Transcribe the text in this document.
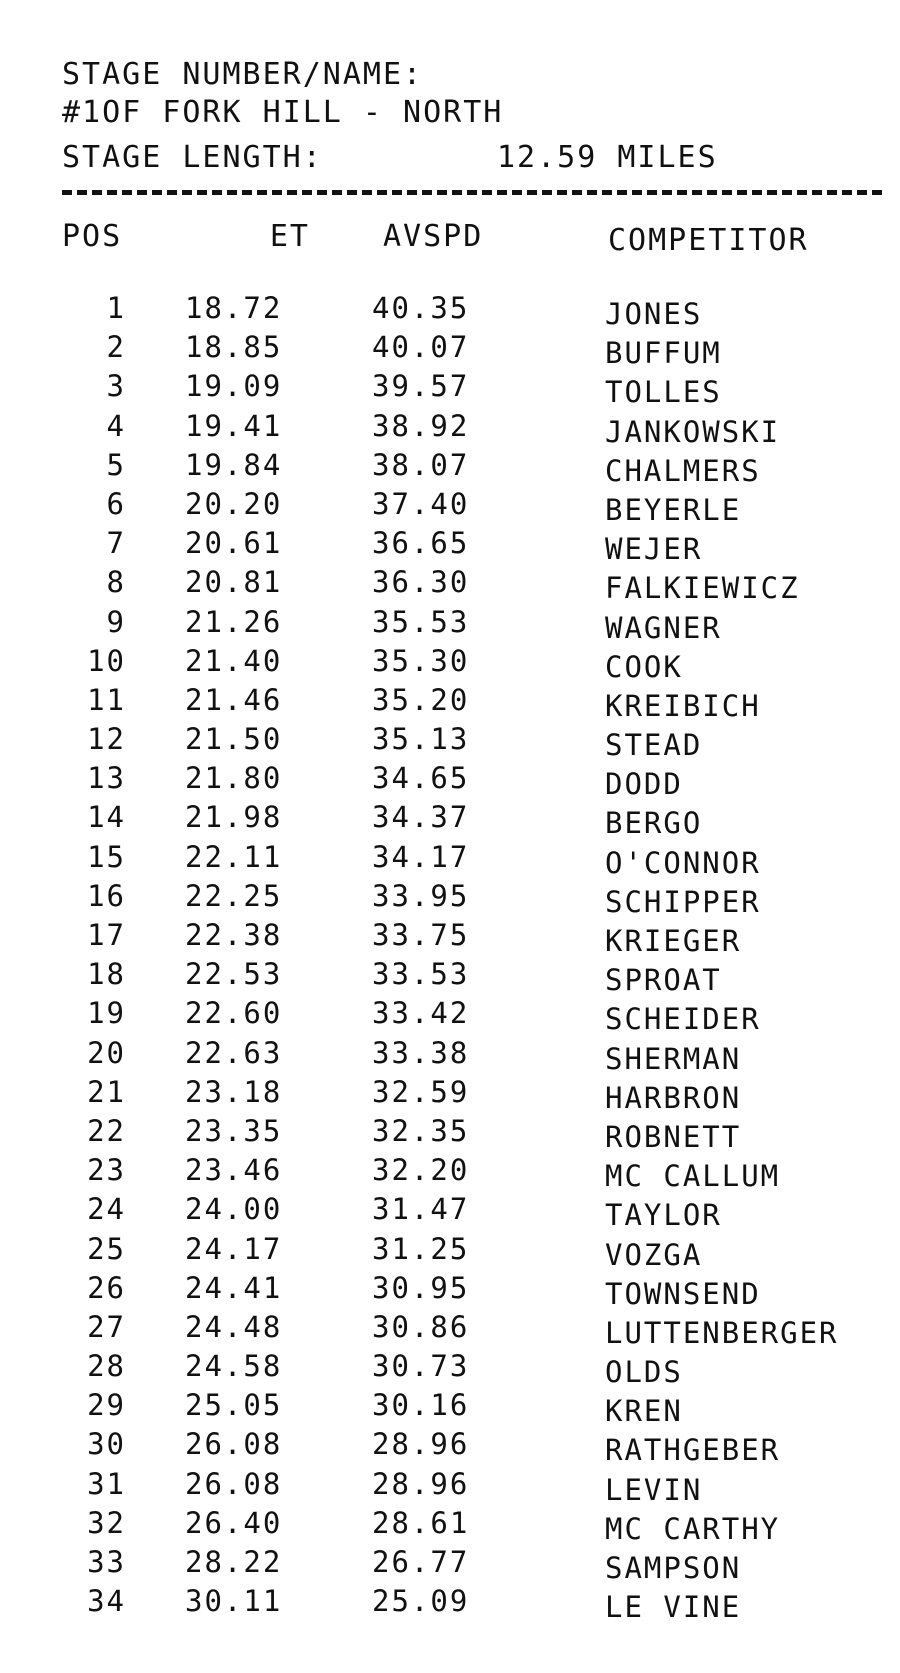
STAGE NUMBER/NAME:
#1OF FORK HILL - NORTH
STAGE LENGTH:	12.59 MILES
POS	ET AVSPD	COMPETITOR
1 18.72	40.35	JONES
2 18.85	40.07	BUFFUM
3 19.09	39.57	TOLLES
4 19.41	38.92	JANKOWSKI
5 19.84	38.07	CHALMERS
6 20.20	37.40	BEYERLE
7 20.61	36.65	WEJER
8 20.81	36.30	FALKIEWICZ
9 21.26	35.53	WAGNER
10 21.40	35.30	COOK
11 21.46	35.20	KREIBICH
12 21.50	35.13	STEAD
13 21.80	34.65	DODD
14 21.98	34.37	BERGO
15 22.11	34.17	O'CONNOR
16 22.25	33.95	SCHIPPER
17 22.38	33.75	KRIEGER
18 22.53	33.53	SPROAT
19 22.60	33.42	SCHEIDER
20 22.63	33.38	SHERMAN
21 23.18	32.59	HARBRON
22 23.35	32.35	ROBNETT
23 23.46	32.20	MC CALLUM
24 24.00	31.47	TAYLOR
25 24.17	31.25	VOZGA
26 24.41	30.95	TOWNSEND
27 24.48	30.86	LUTTENBERGER
28 24.58	30.73	OLDS
29 25.05	30.16	KREN
30 26.08	28.96	RATHGEBER
31 26.08	28.96	LEVIN
32 26.40	28.61	MC CARTHY
33 28.22	26.77	SAMPSON
34 30.11	25.09	LE VINE
